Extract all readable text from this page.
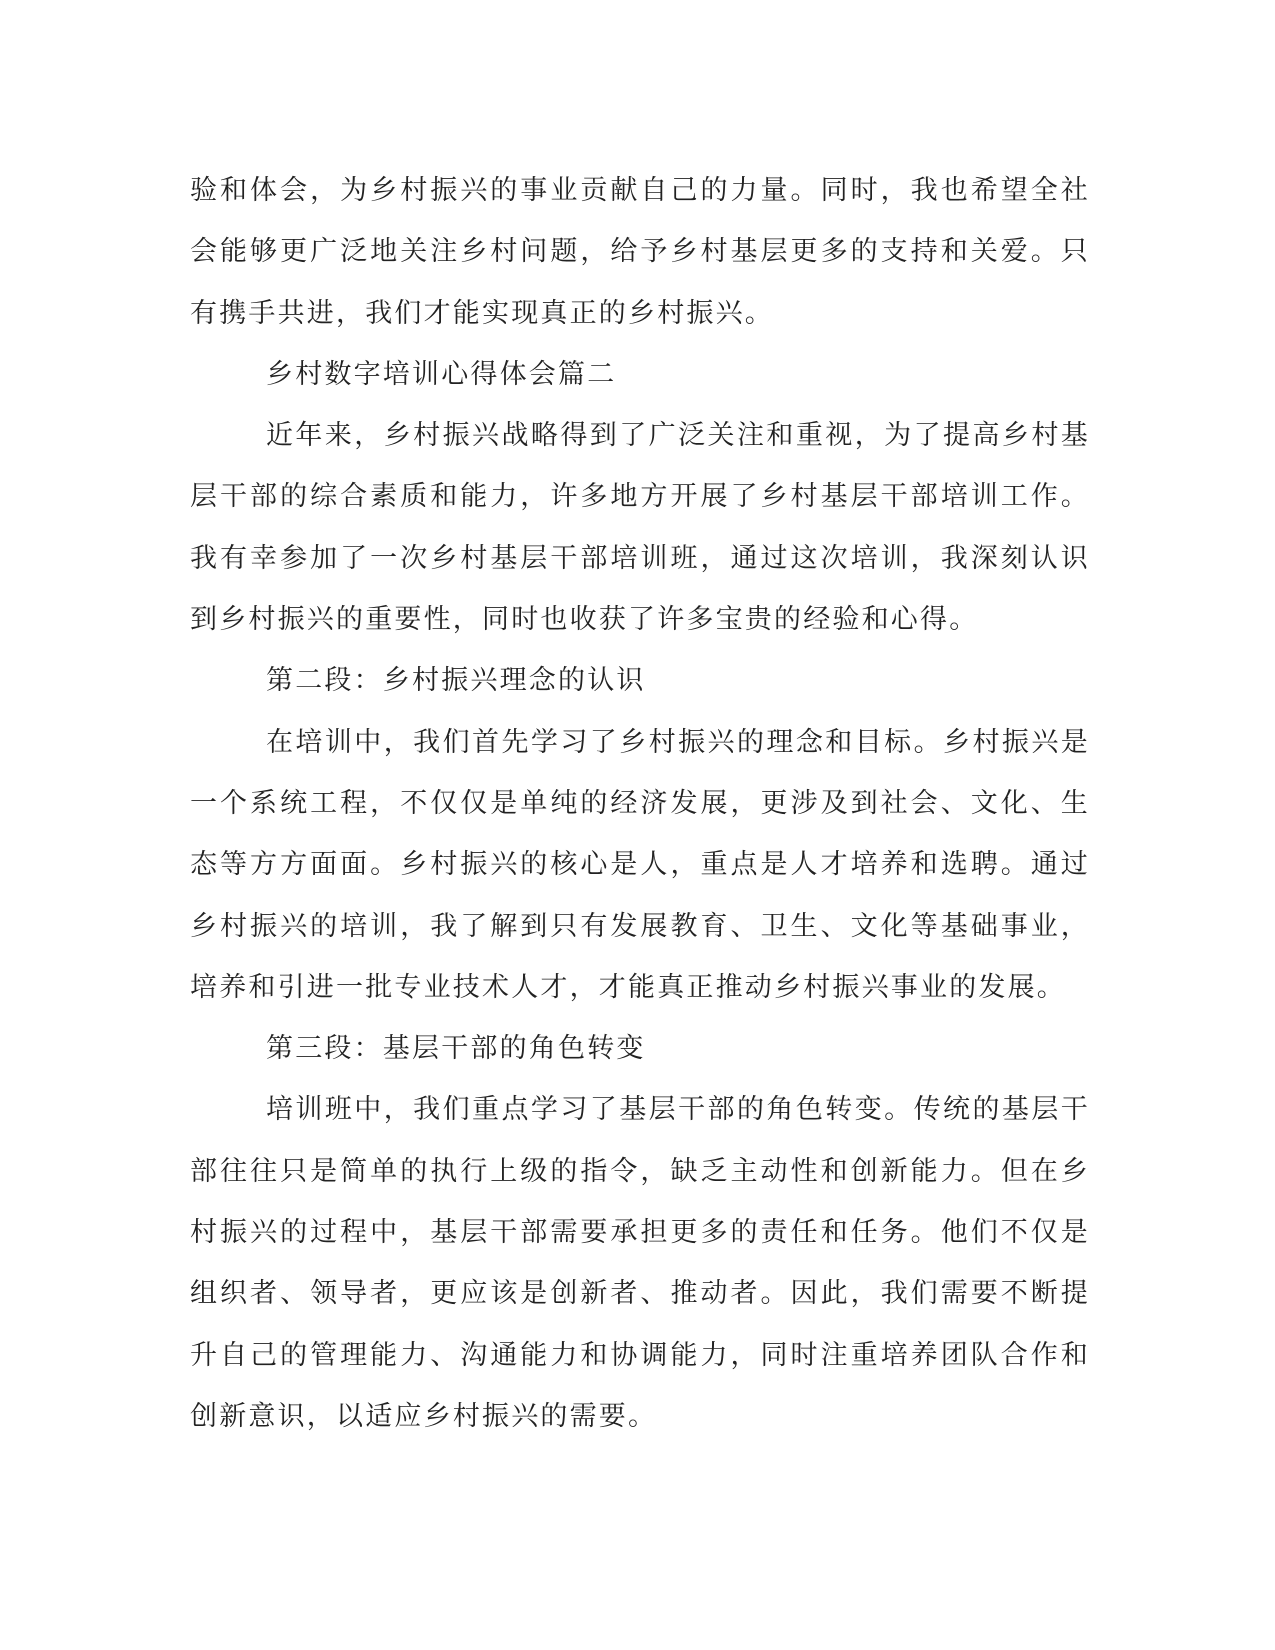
验和体会，为乡村振兴的事业贡献自己的力量。同时，我也希望全社会能够更广泛地关注乡村问题，给予乡村基层更多的支持和关爱。只有携手共进，我们才能实现真正的乡村振兴。

乡村数字培训心得体会篇二

近年来，乡村振兴战略得到了广泛关注和重视，为了提高乡村基层干部的综合素质和能力，许多地方开展了乡村基层干部培训工作。我有幸参加了一次乡村基层干部培训班，通过这次培训，我深刻认识到乡村振兴的重要性，同时也收获了许多宝贵的经验和心得。

第二段：乡村振兴理念的认识

在培训中，我们首先学习了乡村振兴的理念和目标。乡村振兴是一个系统工程，不仅仅是单纯的经济发展，更涉及到社会、文化、生态等方方面面。乡村振兴的核心是人，重点是人才培养和选聘。通过乡村振兴的培训，我了解到只有发展教育、卫生、文化等基础事业，培养和引进一批专业技术人才，才能真正推动乡村振兴事业的发展。

第三段：基层干部的角色转变

培训班中，我们重点学习了基层干部的角色转变。传统的基层干部往往只是简单的执行上级的指令，缺乏主动性和创新能力。但在乡村振兴的过程中，基层干部需要承担更多的责任和任务。他们不仅是组织者、领导者，更应该是创新者、推动者。因此，我们需要不断提升自己的管理能力、沟通能力和协调能力，同时注重培养团队合作和创新意识，以适应乡村振兴的需要。
